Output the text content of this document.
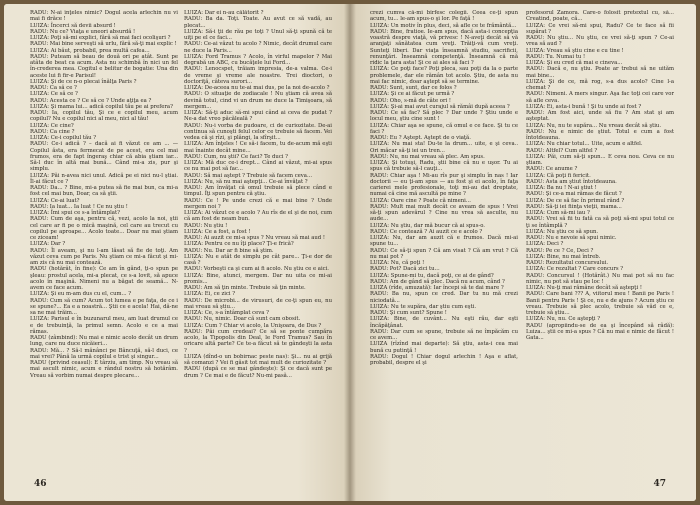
RADU: N-ai înţeles nimic? Dogul acela arlechin nu vi mai fi drăce !

LUIZA: Încerci să devii absurd !

RADU: Nu ce? Viaţa e uneori absurdă !

LUIZA: Poţi să-mi explici, fără să mai faci ocolişuri ?

RADU: Mai bine serveşti să urlu, fără să-ţi mai explic !

LUIZA: Ai băut, probabil, prea multă cafea...

RADU: Puteam să beau de două ori pe atât. Sunt pe atâta de beat ca acum. Asta nu schimbă în nici un fel în-crederea mea. Cogitul e belitur de bogatie: Una din aceste lui fi fir-e Parisul!

LUIZA: Şi de ce n-o plecai înălţa Paris ?

RADU: Ca să ce ?

LUIZA: Ce să ce ?

RADU: Acesta ce ? Ce să ce ? Unde aţiţa ea ?

LUIZA: Şi mama lui... adică copilul tău pe ai prefera?

RADU: Ia, copilul tău, Şi ce e copilul meu, acum copilul? Nu e copilul nici al meu, nici al tău!

LUIZA: Ce cine?

RADU: Ca cine ?

LUIZA: Ce-i copilul tău ?

RADU: Ce-i adică ? – dacă ai fi văzut ce am ... — Copilul ăsta, era fermecat de pe acest, era cel mai frumos, era de fapt îngeraş chiar că abia ştiam iar... Să-l duc în altă mai bună... Când mi-a zis, pur şi simplu.

LUIZA: Păi n-avea nici unul. Adică pe ei nici nu-l ştiai. Îl-ai făcut ce ?

RADU: Da... ? Bine, mi-a putea să fie mai bun, ca mi-a fost cel mai bun, Doar, ca să ştii.

LUIZA: Ce-ai luat?

RADU: Ia luat... Ia luat ! Ce nu ştiu !

LUIZA: Îmi spui ce s-a întâmplat?

RADU: Cum de aşa, pentru că, vezi, acolo la noi, ştii cel care ar fi pe o mică maşină, cel care au trecut cu copilul pe aproape... Acolo toate... Doar nu mai ştiam ce ziceam!

LUIZA: Dar ?

RADU: Îl aveam, şi nu l-am lăsat să fie de toţi. Am văzut ceva cum pe Paris. Nu ştiam ce mi-a făcut şi mi-am zis că nu mai contează.

RADU (hotărât, în fine): Ce am în gând, ţi-o spun pe şleau: prostul acela, mi-a plecat, ce s-a lovit, să apuce acolo în maşină. Nimeni nu a băgat de seamă... N-avem ce face acum.

LUIZA: Şi eu m-am dus cu el, cum... ?

RADU: Cum să cum? Acum tot lumea e pe faţa, de ce i se spune?... Ea e a noastră... Ştii ce e acela! Hai, dă-ne sa ne mai trăim...

LUIZA: Parisul e în buzunarul meu, am luat drumul ce e de trebuinţă, la primul semn. Acolo e ce a mai rămas.

RADU (zâmbind): Nu mai e nimic acolo decât un drum lung, care nu duce nicăieri...

RADU: Mă... ? Să-l mănânci pe Bâncuţă, să-l duci, ce mai vrei? Până la urmă copilul e trist şi singur...

RADU (privind ceasul): E târziu, am timp. Nu vreau să mai ascult nimic, acum e rândul nostru să hotărâm. Vreau să vorbim numai despre plecare...

LUIZA: Dar ei n-au călătorit ?

RADU: Ba da. Toţi. Toate. Au avut ce să vadă, au plecat...

LUIZA: Să-i ţii de rău pe toţi ? Unul să-ţi spună că te uiţi pe el ce faci...

RADU: Ce-ai văzut tu acolo ? Nimic, decât drumul care ne duce la Paris...

LUIZA: Ford Tramus ? Acolo, în virful mapelor ? Mai degrabă un ABC, cu bucăţele lui Ford...

RADU: Lenocspet, trăiam impresia, de-a valma. Ce-i de vreme şi vreme ale noastre. Trei dioctori, o doctoriţă, câteva surori...

LUIZA: De-aceea nu te-ai mai dus, pe la noi de-acolo ?

RADU: O situaţie de zodiacale ! Nu ştiam că avea să devină totul, cind vi un drum ne duce la Timişoara, să mergem...

LUIZA: Să-ţi aduc să-mi spui când ai ceva de pudat ? Ne-a dat vreo păcăleală ?

RADU: Nu-i vorba de pudoare, ci de curiozitate. De-ai continua să cunoşti felul celor ce trebuie să facem. Vei vedea că şi rîzi, şi plângi, la sfîrşit...

LUIZA: Am înţeles ! Ce să-i facem, tu de-acum mă eşti mai înainte decât mine...

RADU: Cum, nu ştii? Ce faci? Te duci ?

LUIZA: Mă duc ce-i drept... Când ai văzut, mi-ai spus ce nu mai pot să fac...

RADU: Să mai aştept ? Trebuie să facem ceva...

LUIZA: Nu, să nu mai aştepţi... Ce-ai învăţat ?

RADU: Am învăţat că omul trebuie să plece când e timpul. Îţi spun pentru că ştiu.

RADU: Ce ! Pe unde crezi că e mai bine ? Unde mergem noi ?

LUIZA: Ai văzut ce e acolo ? Au rîs de el şi de noi, cum că am fost de neam bun.

RADU: Nu ştiu !

LUIZA: Ce a fost, a fost !

RADU: Ai auzit ce mi-a spus ? Nu vreau să mai aud !

LUIZA: Pentru ce nu îţi place? Ţi-e frică?

RADU: Nu. Dar ar fi bine să ştim.

LUIZA: Nu e atât de simplu pe cât pare... Ţi-e dor de casă ?

RADU: Vorbeşti ca şi cum ai fi acolo. Nu ştiu ce e aici.

LUIZA: Bine, atunci, mergem. Dar nu uita ce mi-ai promis...

RADU: Am să ţin minte. Trebuie să ţin minte.

LUIZA: Ei, ce zici ?

RADU: De microbi... de virusuri, de ce-ţi spun eu, nu mai vreau să ştiu...

LUIZA: Ce, s-a întâmplat ceva ?

RADU: Nu, nimic. Doar că sunt cam obosit.

LUIZA: Cum ? Chiar vi acolo, la Unişoara, de Dus ?

RADU: Păi cum credeai? Ce să se ponte cumpăra acolo, la Tipopolis din Deal, le Ford Tramus? Sau în oricare altă parte? Ce te-a făcut să te gândeşti la asta ?

LUIZA (dînd-o un bobirnac peste nas): Şi... nu ai grijă să comanzi ? Vei fi găsit tot mai mult de curiozitate ?

RADU (după ce se mai gândeşte): Şi ce dacă sunt pe drum ? Ce mai e de făcut? Nu-mi pasă...

46

crezi cumva că-mi bîrfesc colegii. Ceea ce-ţi spun acum, tu... le-am spus-o şi lor. Pe faţă !

LUIZA: Un motiv în plus, deci, să afle ce te frământă...

RADU: Bine, fratioe. Ie-am spus, dacă asta-i concepţia voastră despre viaţă, vă privesc ! N-aveţi decât să vă aranjaţi sănătatea cum vreţi. Trăiţi-vă cum vreţi. Sunteţi liberi. Dar viaţa înseamnă studiu, sacrificii, renunţări. Înseamnă competenţă. Înseamnă că mă ridic la ţara asta! Şi ce ai ales să faci ?

LUIZA: Ce poţi face? Poţi pleca, sau poţi da la o parte problemele, dar ele rămân tot acolo. Ştiu, de asta nu mai fac nimic, doar aştept să se termine.

RADU: Sunt, sunt, dar ce folos ?

LUIZA: Şi ce ai făcut pe urmă ?

RADU: Oho, s-mă de câte ori !

LUIZA: Şi-ai mai avut curajul să rămâi după aceea ?

RADU: Ce să fac? Să plec ? Dar unde ? Ştiu unde e locul meu, ştiu cine sunt !

LUIZA: Chiar aşa se spune, că omul e ce face. Şi tu ce faci ?

RADU: Eu ? Aştept. Aştept de o viaţă.

LUIZA: Nu mai sta! Du-te la drum... uite, e şi ceva.. Ori măcar să-ţi iei un tren...

RADU: Nu, nu mai vreau să plec. Am spus.

LUIZA: Şi totuşi, Radu, ştii bine că nu e uşor. Tu ai spus că trebuie să-l cauţi...

RADU: Chiar aşa ! Mi-au rîs pur şi simplu în nas ! Iar doctorii — eu ţi-am spus — au fost şi ei acolo, în faţa carierei mele profesionale, toţi mi-au dat dreptate, numai că cine mă ascultă pe mine ?

LUIZA: Oare cine ? Poate că nimeni...

RADU: Mult mai mult decât ce aveam de spus ! Vrei să-ţi spun adevărul ? Cine nu vrea să asculte, nu aude...

LUIZA: Nu ştiu, dar mă bucur că ai spus-o.

RADU: Ce contează ? Ai auzit ce e acolo ?

LUIZA: Nu, dar am auzit că e frumos. Dacă mi-ai spune tu...

RADU: Ce să-ţi spun ? Că am visat ? Că am vrut ? Că nu mai pot ?

LUIZA: Nu, că poţi !

RADU: Pot? Dacă zici tu...

LUIZA: Spune-mi tu, dacă poţi, ce ai de gând?

RADU: Am de gând să plec. Dacă nu acum, când ?

LUIZA (rîde, amuzată): Iar începi să te dai mare ?

RADU: Ba nu, spun ce cred. Dar tu nu mă crezi niciodată...

LUIZA: Nu te supăra, dar ştiu cum eşti.

RADU: Şi cum sunt? Spune !

LUIZA: Bine, de cuvânt... Nu eşti rău, dar eşti încăpăţânat.

RADU: Dar cum se spune, trebuie să ne împăcăm cu ce avem...

LUIZA (rîzînd mai departe): Să ştiu, asta-i cea mai bună cu putinţă !

RADU: Dogul ! Chiar dogul arlechin ! Aşa e aflat, probabil, despre el şi

profesorul Zamora. Care-o folosit pretextul cu, să... Creatind, poate, că...

LUIZA: Ce vrei să-mi spui, Radu? Ce te face să fii supărat ?

RADU: Nu ştiu... Nu ştiu, ce vrei să-ţi spun ? Ce-ai vrea să aud ?

LUIZA: Vreau să ştiu cine e cu tine !

RADU: Tu. Numai tu !

LUIZA: Şi eu cred că mai e cineva...

RADU: Dacă e, nu ştiu. Poate ar trebui să ne uităm mai bine...

LUIZA: Şi de ce, mă rog, s-a dus acolo? Cine l-a chemat ?

RADU: Nimeni. A mers singur. Aşa fac toţi cei care vor să afle ceva.

LUIZA: Ei, asta-i bună ! Şi tu unde ai fost ?

RADU: Am fost aici, unde să fiu ? Am stat şi am aşteptat.

LUIZA: Nu, nu te supăra... Nu vreau decât să ştiu.

RADU: Nu e nimic de ştiut. Totul e cum a fost întotdeauna.

LUIZA: Nu chiar totul... Uite, acum e altfel.

RADU: Altfel? Cum altfel ?

LUIZA: Păi, cum să-ţi spun... E ceva nou. Ceva ce nu ştiam.

RADU: Ce anume ?

LUIZA: Că poţi fi fericit.

RADU: Asta am ştiut întotdeauna.

LUIZA: Ba nu ! N-ai ştiut !

RADU: Şi ce-a mai rămas de făcut ?

LUIZA: De ce să fac în primul rând ?

RADU: Să-ţi iei fiinţa vieţii, mama...

LUIZA: Cum să-mi iau ?

RADU: Vrei să fii tu fată ca să poţi să-mi spui totul ce ţi se întâmplă ?

LUIZA: Nu ştiu ce să spun.

RADU: Nu e nevoie să spui nimic.

LUIZA: Deci ?

RADU: Pe ce ? Ce, Deci ?

LUIZA: Bine, nu mai întreb.

RADU: Rezultatul concursului.

LUIZA: Ce rezultat ? Care concurs ?

RADU: Concursul ! (Hotărât.) Nu mai pot să nu fac nimic, nu pot să stau pe loc !

LUIZA: Nu-ţi mai rămâne decât să aştepţi !

RADU: Care bani ??? A, viitorul meu ! Banii pe Paris ! Banii pentru Paris ! Şi ce, nu e de ajuns ? Acum ştiu ce vreau. Trebuie să plec acolo, trebuie să văd ce e, trebuie să ştiu...

LUIZA: Nu, nu. Ce aştepţi ?

RADU (apropiindu-se de ea şi începând să râdă): Luiza... ştii ce mi-a spus ? Că nu mai e nimic de făcut ! Gata...

47
